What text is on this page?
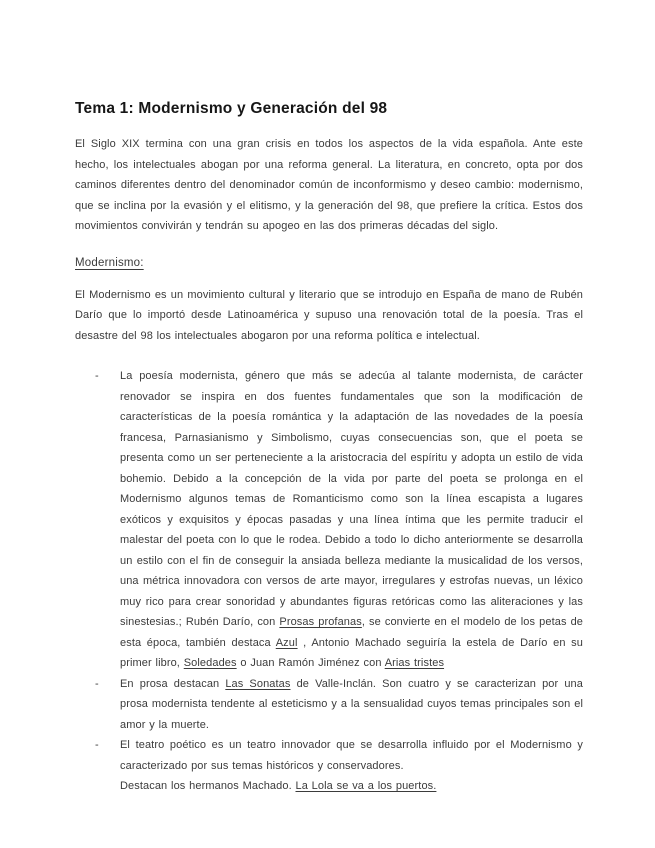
Tema 1: Modernismo y Generación del 98

El Siglo XIX termina con una gran crisis en todos los aspectos de la vida española. Ante este hecho, los intelectuales abogan por una reforma general. La literatura, en concreto, opta por dos caminos diferentes dentro del denominador común de inconformismo y deseo cambio: modernismo, que se inclina por la evasión y el elitismo, y la generación del 98, que prefiere la crítica. Estos dos movimientos convivirán y tendrán su apogeo en las dos primeras décadas del siglo.

Modernismo:

El Modernismo es un movimiento cultural y literario que se introdujo en España de mano de Rubén Darío que lo importó desde Latinoamérica y supuso una renovación total de la poesía. Tras el desastre del 98 los intelectuales abogaron por una reforma política e intelectual.

-	La poesía modernista, género que más se adecúa al talante modernista, de carácter renovador se inspira en dos fuentes fundamentales que son la modificación de características de la poesía romántica y la adaptación de las novedades de la poesía francesa, Parnasianismo y Simbolismo, cuyas consecuencias son, que el poeta se presenta como un ser perteneciente a la aristocracia del espíritu y adopta un estilo de vida bohemio. Debido a la concepción de la vida por parte del poeta se prolonga en el Modernismo algunos temas de Romanticismo como son la línea escapista a lugares exóticos y exquisitos y épocas pasadas y una línea íntima que les permite traducir el malestar del poeta con lo que le rodea. Debido a todo lo dicho anteriormente se desarrolla un estilo con el fin de conseguir la ansiada belleza mediante la musicalidad de los versos, una métrica innovadora con versos de arte mayor, irregulares y estrofas nuevas, un léxico muy rico para crear sonoridad y abundantes figuras retóricas como las aliteraciones y las sinestesias.; Rubén Darío, con Prosas profanas, se convierte en el modelo de los petas de esta época, también destaca Azul , Antonio Machado seguiría la estela de Darío en su primer libro, Soledades o Juan Ramón Jiménez con Arias tristes

-	En prosa destacan Las Sonatas de Valle-Inclán. Son cuatro y se caracterizan por una prosa modernista tendente al esteticismo y a la sensualidad cuyos temas principales son el amor y la muerte.

-	El teatro poético es un teatro innovador que se desarrolla influido por el Modernismo y caracterizado por sus temas históricos y conservadores.

Destacan los hermanos Machado. La Lola se va a los puertos.
